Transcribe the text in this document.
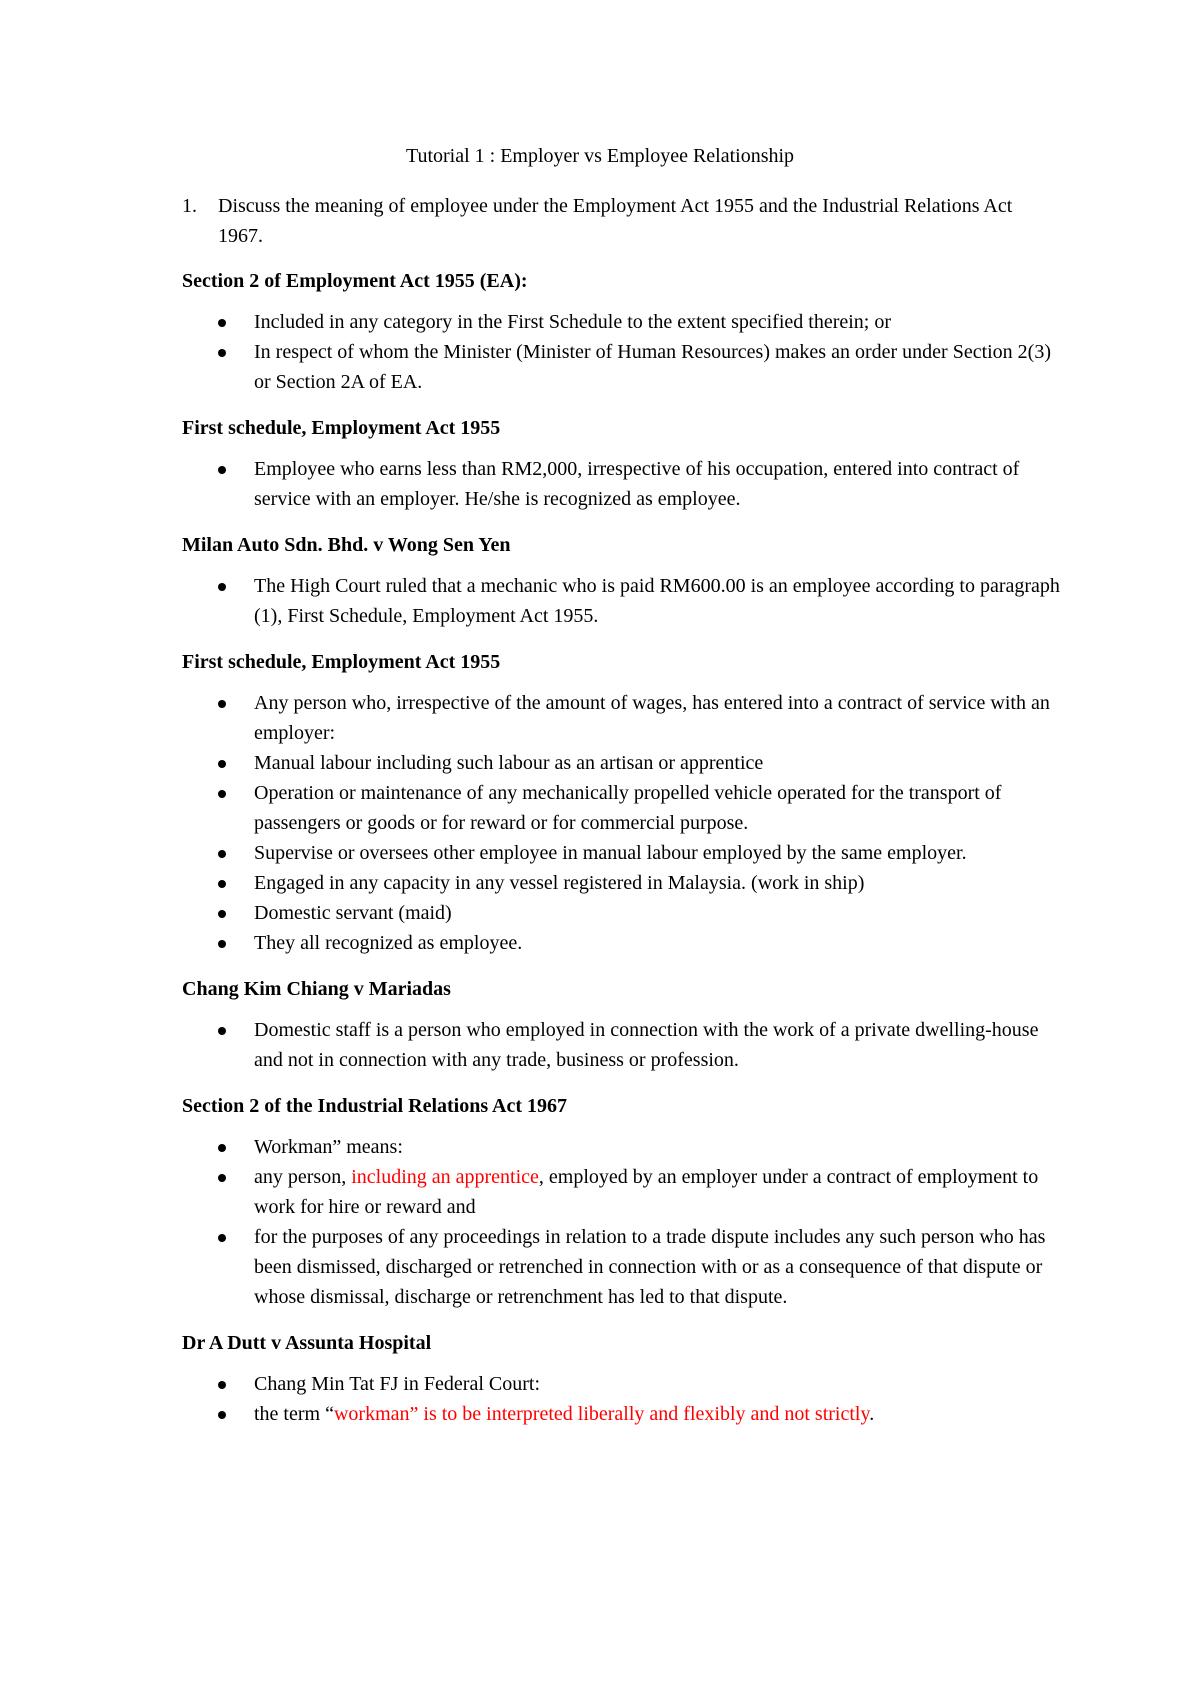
Tutorial 1 : Employer vs Employee Relationship
1. Discuss the meaning of employee under the Employment Act 1955 and the Industrial Relations Act 1967.
Section 2 of Employment Act 1955 (EA):
Included in any category in the First Schedule to the extent specified therein; or
In respect of whom the Minister (Minister of Human Resources) makes an order under Section 2(3) or Section 2A of EA.
First schedule, Employment Act 1955
Employee who earns less than RM2,000, irrespective of his occupation, entered into contract of service with an employer. He/she is recognized as employee.
Milan Auto Sdn. Bhd. v Wong Sen Yen
The High Court ruled that a mechanic who is paid RM600.00 is an employee according to paragraph (1), First Schedule, Employment Act 1955.
First schedule, Employment Act 1955
Any person who, irrespective of the amount of wages, has entered into a contract of service with an employer:
Manual labour including such labour as an artisan or apprentice
Operation or maintenance of any mechanically propelled vehicle operated for the transport of passengers or goods or for reward or for commercial purpose.
Supervise or oversees other employee in manual labour employed by the same employer.
Engaged in any capacity in any vessel registered in Malaysia. (work in ship)
Domestic servant (maid)
They all recognized as employee.
Chang Kim Chiang v Mariadas
Domestic staff is a person who employed in connection with the work of a private dwelling-house and not in connection with any trade, business or profession.
Section 2 of the Industrial Relations Act 1967
Workman” means:
any person, including an apprentice, employed by an employer under a contract of employment to work for hire or reward and
for the purposes of any proceedings in relation to a trade dispute includes any such person who has been dismissed, discharged or retrenched in connection with or as a consequence of that dispute or whose dismissal, discharge or retrenchment has led to that dispute.
Dr A Dutt v Assunta Hospital
Chang Min Tat FJ in Federal Court:
the term “workman” is to be interpreted liberally and flexibly and not strictly.
